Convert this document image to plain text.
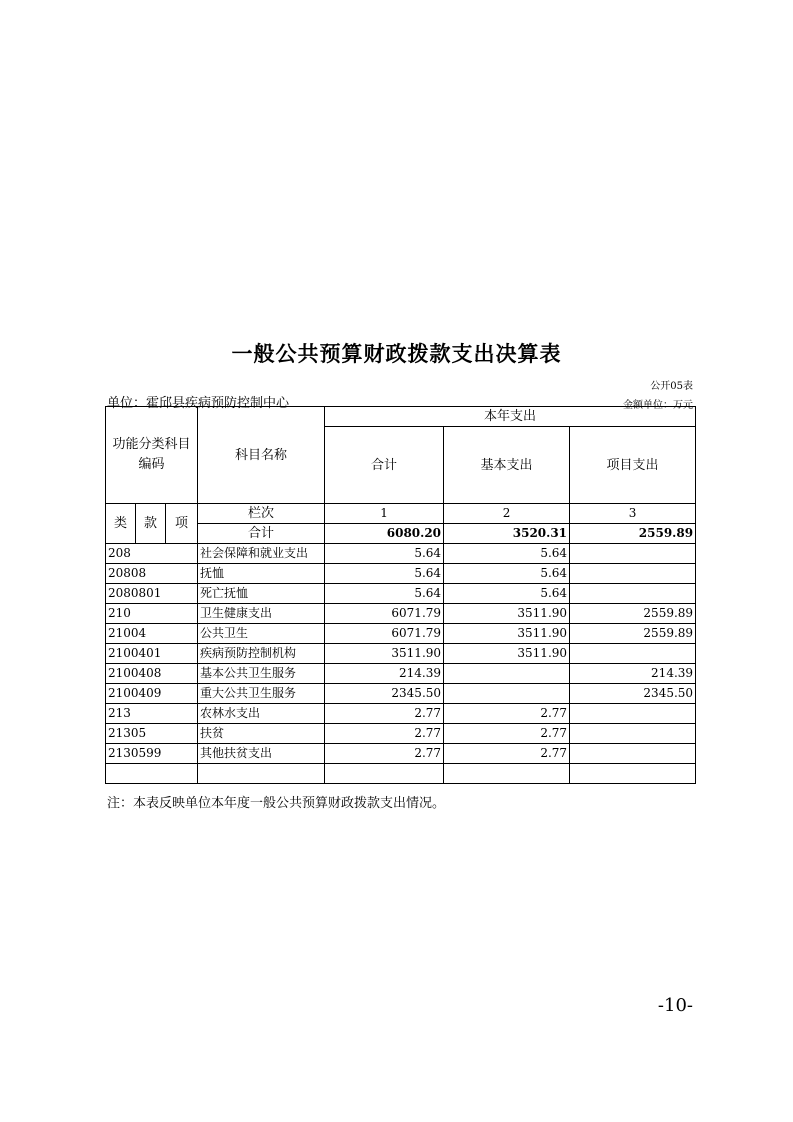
一般公共预算财政拨款支出决算表
公开05表
单位：霍邱县疾病预防控制中心	金额单位：万元
功能分类科目编码			科目名称	本年支出		
				合计	基本支出	项目支出
类	款	项	栏次	1	2	3
			合计	6080.20	3520.31	2559.89
208			社会保障和就业支出	5.64	5.64	
20808			抚恤	5.64	5.64	
2080801			死亡抚恤	5.64	5.64	
210			卫生健康支出	6071.79	3511.90	2559.89
21004			公共卫生	6071.79	3511.90	2559.89
2100401			疾病预防控制机构	3511.90	3511.90	
2100408			基本公共卫生服务	214.39		214.39
2100409			重大公共卫生服务	2345.50		2345.50
213			农林水支出	2.77	2.77	
21305			扶贫	2.77	2.77	
2130599			其他扶贫支出	2.77	2.77	

注：本表反映单位本年度一般公共预算财政拨款支出情况。
-10-
